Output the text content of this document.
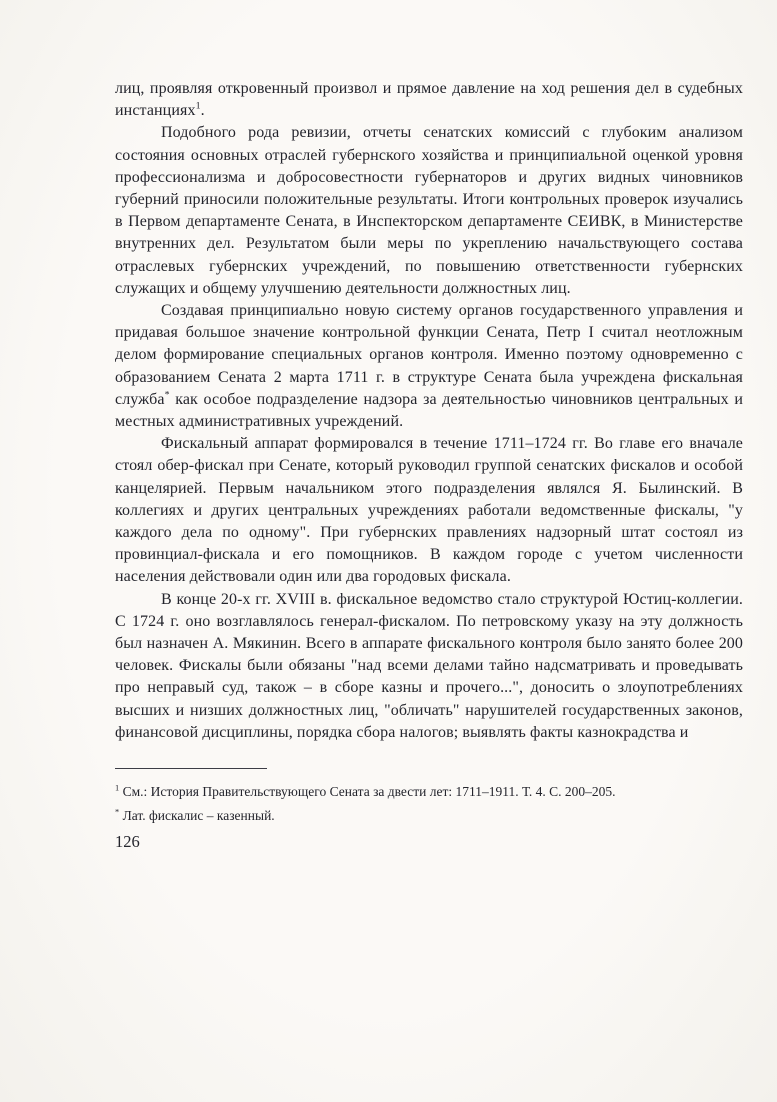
лиц, проявляя откровенный произвол и прямое давление на ход решения дел в судебных инстанциях$^1$.

Подобного рода ревизии, отчеты сенатских комиссий с глубоким анализом состояния основных отраслей губернского хозяйства и принципиальной оценкой уровня профессионализма и добросовестности губернаторов и других видных чиновников губерний приносили положительные результаты. Итоги контрольных проверок изучались в Первом департаменте Сената, в Инспекторском департаменте СЕИВК, в Министерстве внутренних дел. Результатом были меры по укреплению начальствующего состава отраслевых губернских учреждений, по повышению ответственности губернских служащих и общему улучшению деятельности должностных лиц.

Создавая принципиально новую систему органов государственного управления и придавая большое значение контрольной функции Сената, Петр I считал неотложным делом формирование специальных органов контроля. Именно поэтому одновременно с образованием Сената 2 марта 1711 г. в структуре Сената была учреждена фискальная служба* как особое подразделение надзора за деятельностью чиновников центральных и местных административных учреждений.

Фискальный аппарат формировался в течение 1711–1724 гг. Во главе его вначале стоял обер-фискал при Сенате, который руководил группой сенатских фискалов и особой канцелярией. Первым начальником этого подразделения являлся Я. Былинский. В коллегиях и других центральных учреждениях работали ведомственные фискалы, "у каждого дела по одному". При губернских правлениях надзорный штат состоял из провинциал-фискала и его помощников. В каждом городе с учетом численности населения действовали один или два городовых фискала.

В конце 20-х гг. XVIII в. фискальное ведомство стало структурой Юстиц-коллегии. С 1724 г. оно возглавлялось генерал-фискалом. По петровскому указу на эту должность был назначен А. Мякинин. Всего в аппарате фискального контроля было занято более 200 человек. Фискалы были обязаны "над всеми делами тайно надсматривать и проведывать про неправый суд, також – в сборе казны и прочего...", доносить о злоупотреблениях высших и низших должностных лиц, "обличать" нарушителей государственных законов, финансовой дисциплины, порядка сбора налогов; выявлять факты казнокрадства и

$^1$ См.: История Правительствующего Сената за двести лет: 1711–1911. Т. 4. С. 200–205.

* Лат. фискалис – казенный.

126
